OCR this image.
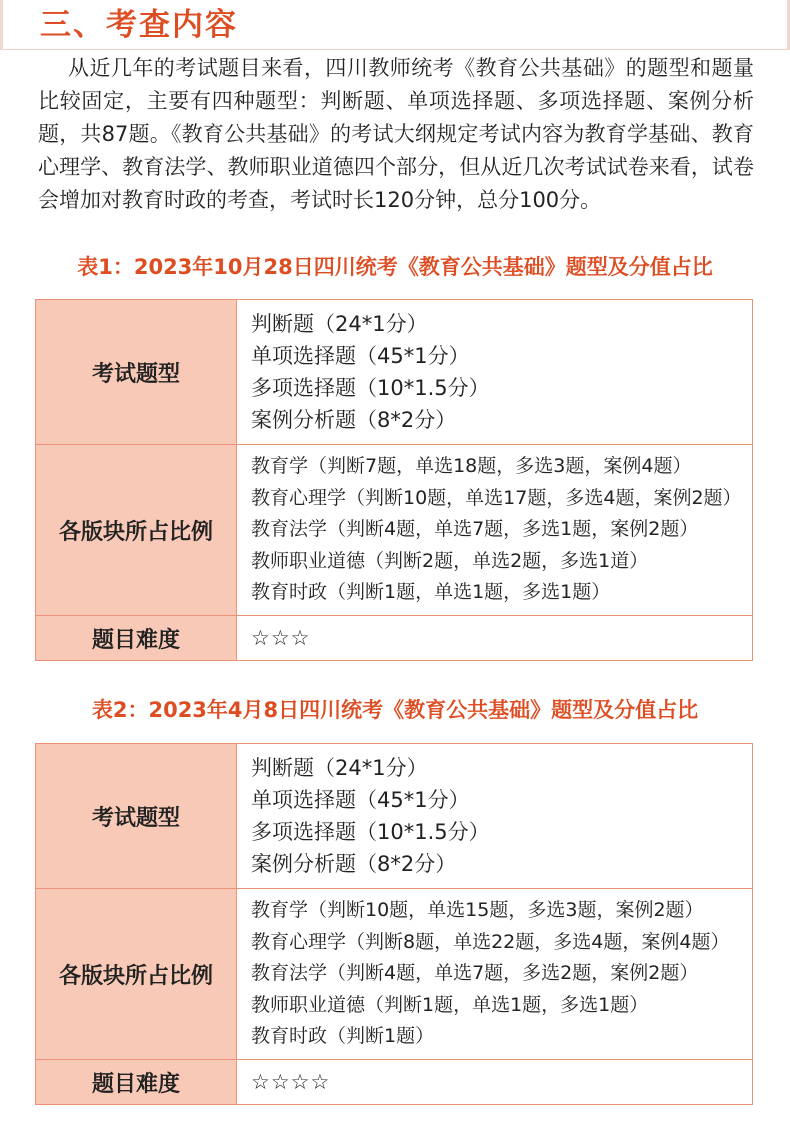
三、考查内容

从近几年的考试题目来看，四川教师统考《教育公共基础》的题型和题量比较固定，主要有四种题型：判断题、单项选择题、多项选择题、案例分析题，共87题。《教育公共基础》的考试大纲规定考试内容为教育学基础、教育心理学、教育法学、教师职业道德四个部分，但从近几次考试试卷来看，试卷会增加对教育时政的考查，考试时长120分钟，总分100分。

表1：2023年10月28日四川统考《教育公共基础》题型及分值占比
考试题型	判断题（24*1分）
单项选择题（45*1分）
多项选择题（10*1.5分）
案例分析题（8*2分）

各版块所占比例	教育学（判断7题，单选18题，多选3题，案例4题）
教育心理学（判断10题，单选17题，多选4题，案例2题）
教育法学（判断4题，单选7题，多选1题，案例2题）
教师职业道德（判断2题，单选2题，多选1道）
教育时政（判断1题，单选1题，多选1题）

题目难度	☆☆☆
表2：2023年4月8日四川统考《教育公共基础》题型及分值占比
考试题型	判断题（24*1分）
单项选择题（45*1分）
多项选择题（10*1.5分）
案例分析题（8*2分）

各版块所占比例	教育学（判断10题，单选15题，多选3题，案例2题）
教育心理学（判断8题，单选22题，多选4题，案例4题）
教育法学（判断4题，单选7题，多选2题，案例2题）
教师职业道德（判断1题，单选1题，多选1题）
教育时政（判断1题）

题目难度	☆☆☆☆
